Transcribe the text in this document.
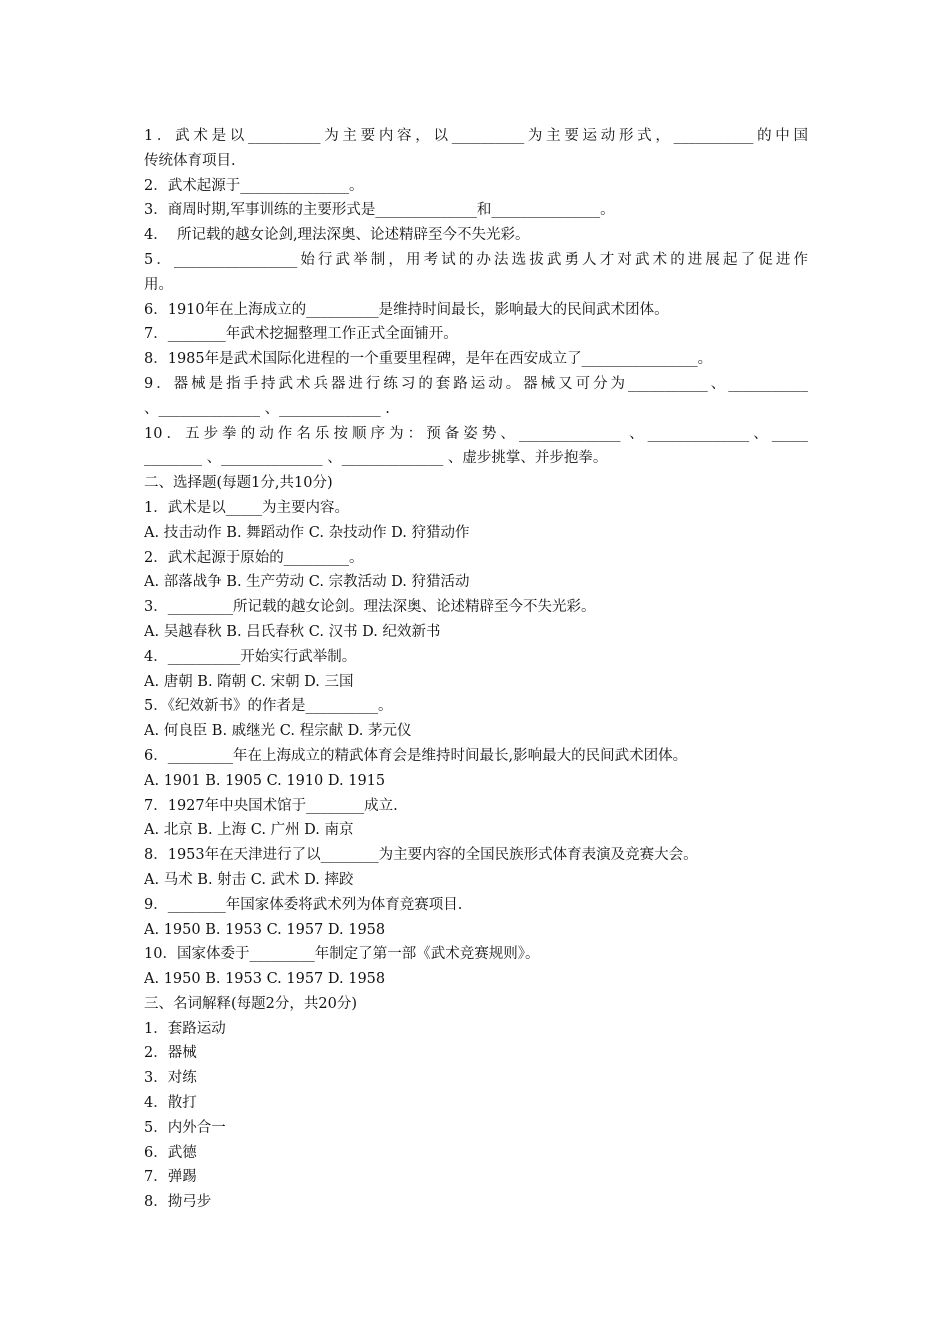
1．武术是以__________为主要内容，以__________为主要运动形式，___________的中国
传统体育项目.
2．武术起源于_______________。
3．商周时期,军事训练的主要形式是______________和_______________。
4．  所记载的越女论剑,理法深奥、论述精辟至今不失光彩。
5．_________________始行武举制，用考试的办法选拔武勇人才对武术的进展起了促进作
用。
6．1910年在上海成立的__________是维持时间最长，影响最大的民间武术团体。
7．________年武术挖掘整理工作正式全面铺开。
8．1985年是武术国际化进程的一个重要里程碑，是年在西安成立了________________。
9．器械是指手持武术兵器进行练习的套路运动。器械又可分为___________、___________
、______________ 、______________ .
10．五步拳的动作名乐按顺序为：预备姿势、______________ 、______________、_____
________ 、______________ 、______________ 、虚步挑掌、并步抱拳。
二、选择题(每题1分,共10分)
1．武术是以_____为主要内容。
A. 技击动作 B. 舞蹈动作 C. 杂技动作 D. 狩猎动作
2．武术起源于原始的_________。
A. 部落战争 B. 生产劳动 C. 宗教活动 D. 狩猎活动
3．_________所记载的越女论剑。理法深奥、论述精辟至今不失光彩。
A. 吴越春秋 B. 吕氏春秋 C. 汉书 D. 纪效新书
4．__________开始实行武举制。
A. 唐朝 B. 隋朝 C. 宋朝 D. 三国
5．《纪效新书》的作者是__________。
A. 何良臣 B. 戚继光 C. 程宗献 D. 茅元仪
6．_________年在上海成立的精武体育会是维持时间最长,影响最大的民间武术团体。
A. 1901 B. 1905 C. 1910 D. 1915
7．1927年中央国术馆于________成立.
A. 北京 B. 上海 C. 广州 D. 南京
8．1953年在天津进行了以________为主要内容的全国民族形式体育表演及竞赛大会。
A. 马术 B. 射击 C. 武术 D. 摔跤
9．________年国家体委将武术列为体育竞赛项目.
A. 1950 B. 1953 C. 1957 D. 1958
10．国家体委于_________年制定了第一部《武术竞赛规则》。
A. 1950 B. 1953 C. 1957 D. 1958
三、名词解释(每题2分，共20分)
1．套路运动
2．器械
3．对练
4．散打
5．内外合一
6．武德
7．弹踢
8．拗弓步
